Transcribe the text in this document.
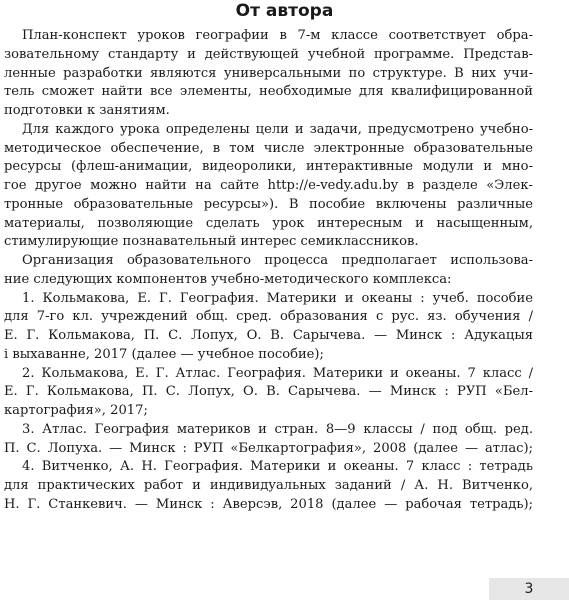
От автора

План-конспект уроков географии в 7-м классе соответствует обра-
зовательному стандарту и действующей учебной программе. Представ-
ленные разработки являются универсальными по структуре. В них учи-
тель сможет найти все элементы, необходимые для квалифицированной
подготовки к занятиям.

Для каждого урока определены цели и задачи, предусмотрено учебно-
методическое обеспечение, в том числе электронные образовательные
ресурсы (флеш-анимации, видеоролики, интерактивные модули и мно-
гое другое можно найти на сайте http://e-vedy.adu.by в разделе «Элек-
тронные образовательные ресурсы»). В пособие включены различные
материалы, позволяющие сделать урок интересным и насыщенным,
стимулирующие познавательный интерес семиклассников.

Организация образовательного процесса предполагает использова-
ние следующих компонентов учебно-методического комплекса:

1. Кольмакова, Е. Г. География. Материки и океаны : учеб. пособие
для 7-го кл. учреждений общ. сред. образования с рус. яз. обучения /
Е. Г. Кольмакова, П. С. Лопух, О. В. Сарычева. — Минск : Адукацыя
і выхаванне, 2017 (далее — учебное пособие);

2. Кольмакова, Е. Г. Атлас. География. Материки и океаны. 7 класс /
Е. Г. Кольмакова, П. С. Лопух, О. В. Сарычева. — Минск : РУП «Бел-
картография», 2017;

3. Атлас. География материков и стран. 8—9 классы / под общ. ред.
П. С. Лопуха. — Минск : РУП «Белкартография», 2008 (далее — атлас);

4. Витченко, А. Н. География. Материки и океаны. 7 класс : тетрадь
для практических работ и индивидуальных заданий / А. Н. Витченко,
Н. Г. Станкевич. — Минск : Аверсэв, 2018 (далее — рабочая тетрадь);

3
